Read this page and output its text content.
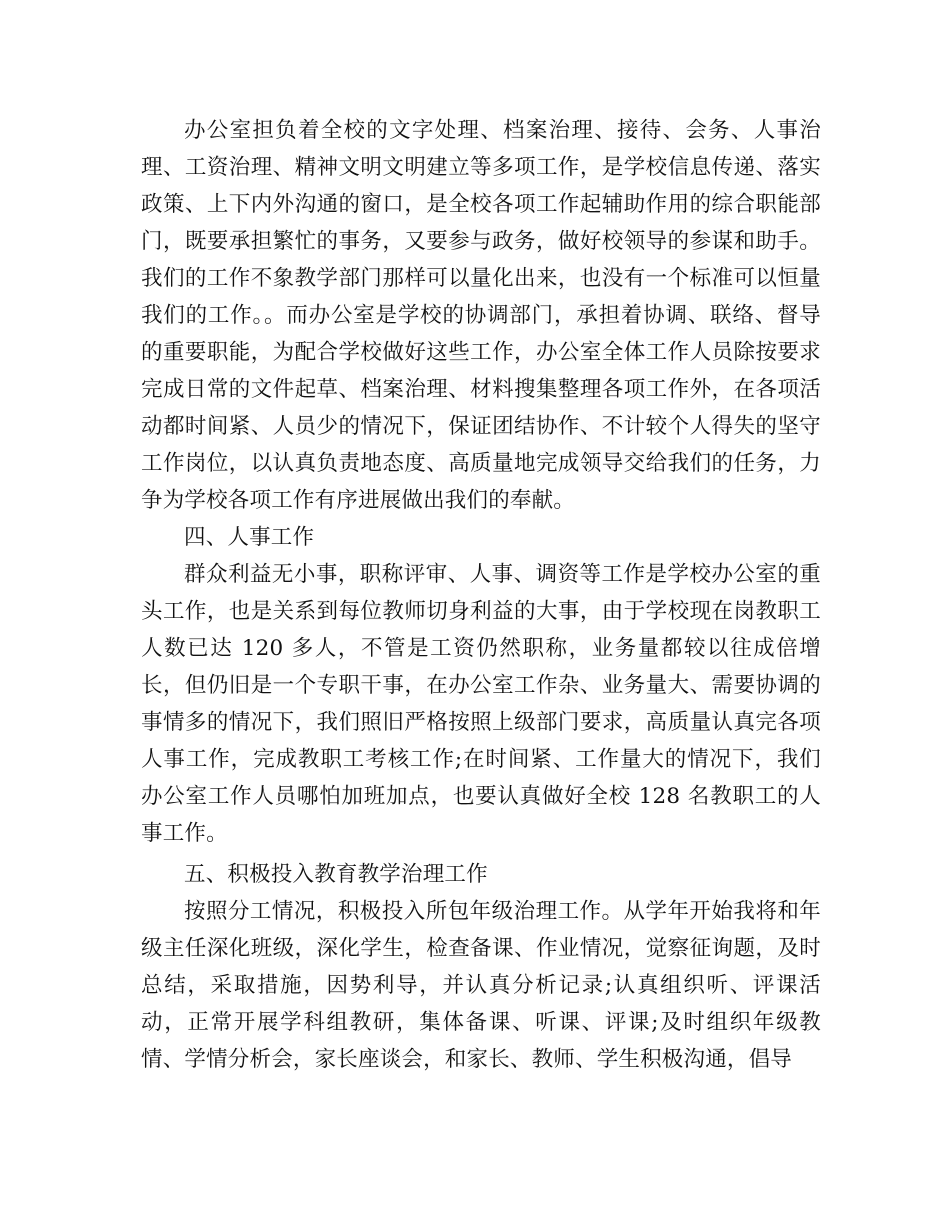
办公室担负着全校的文字处理、档案治理、接待、会务、人事治理、工资治理、精神文明文明建立等多项工作，是学校信息传递、落实政策、上下内外沟通的窗口，是全校各项工作起辅助作用的综合职能部门，既要承担繁忙的事务，又要参与政务，做好校领导的参谋和助手。我们的工作不象教学部门那样可以量化出来，也没有一个标准可以恒量我们的工作。。而办公室是学校的协调部门，承担着协调、联络、督导的重要职能，为配合学校做好这些工作，办公室全体工作人员除按要求完成日常的文件起草、档案治理、材料搜集整理各项工作外，在各项活动都时间紧、人员少的情况下，保证团结协作、不计较个人得失的坚守工作岗位，以认真负责地态度、高质量地完成领导交给我们的任务，力争为学校各项工作有序进展做出我们的奉献。

四、人事工作

群众利益无小事，职称评审、人事、调资等工作是学校办公室的重头工作，也是关系到每位教师切身利益的大事，由于学校现在岗教职工人数已达 120 多人，不管是工资仍然职称，业务量都较以往成倍增长，但仍旧是一个专职干事，在办公室工作杂、业务量大、需要协调的事情多的情况下，我们照旧严格按照上级部门要求，高质量认真完各项人事工作，完成教职工考核工作;在时间紧、工作量大的情况下，我们办公室工作人员哪怕加班加点，也要认真做好全校 128 名教职工的人事工作。

五、积极投入教育教学治理工作

按照分工情况，积极投入所包年级治理工作。从学年开始我将和年级主任深化班级，深化学生，检查备课、作业情况，觉察征询题，及时总结，采取措施，因势利导，并认真分析记录;认真组织听、评课活动，正常开展学科组教研，集体备课、听课、评课;及时组织年级教情、学情分析会，家长座谈会，和家长、教师、学生积极沟通，倡导
